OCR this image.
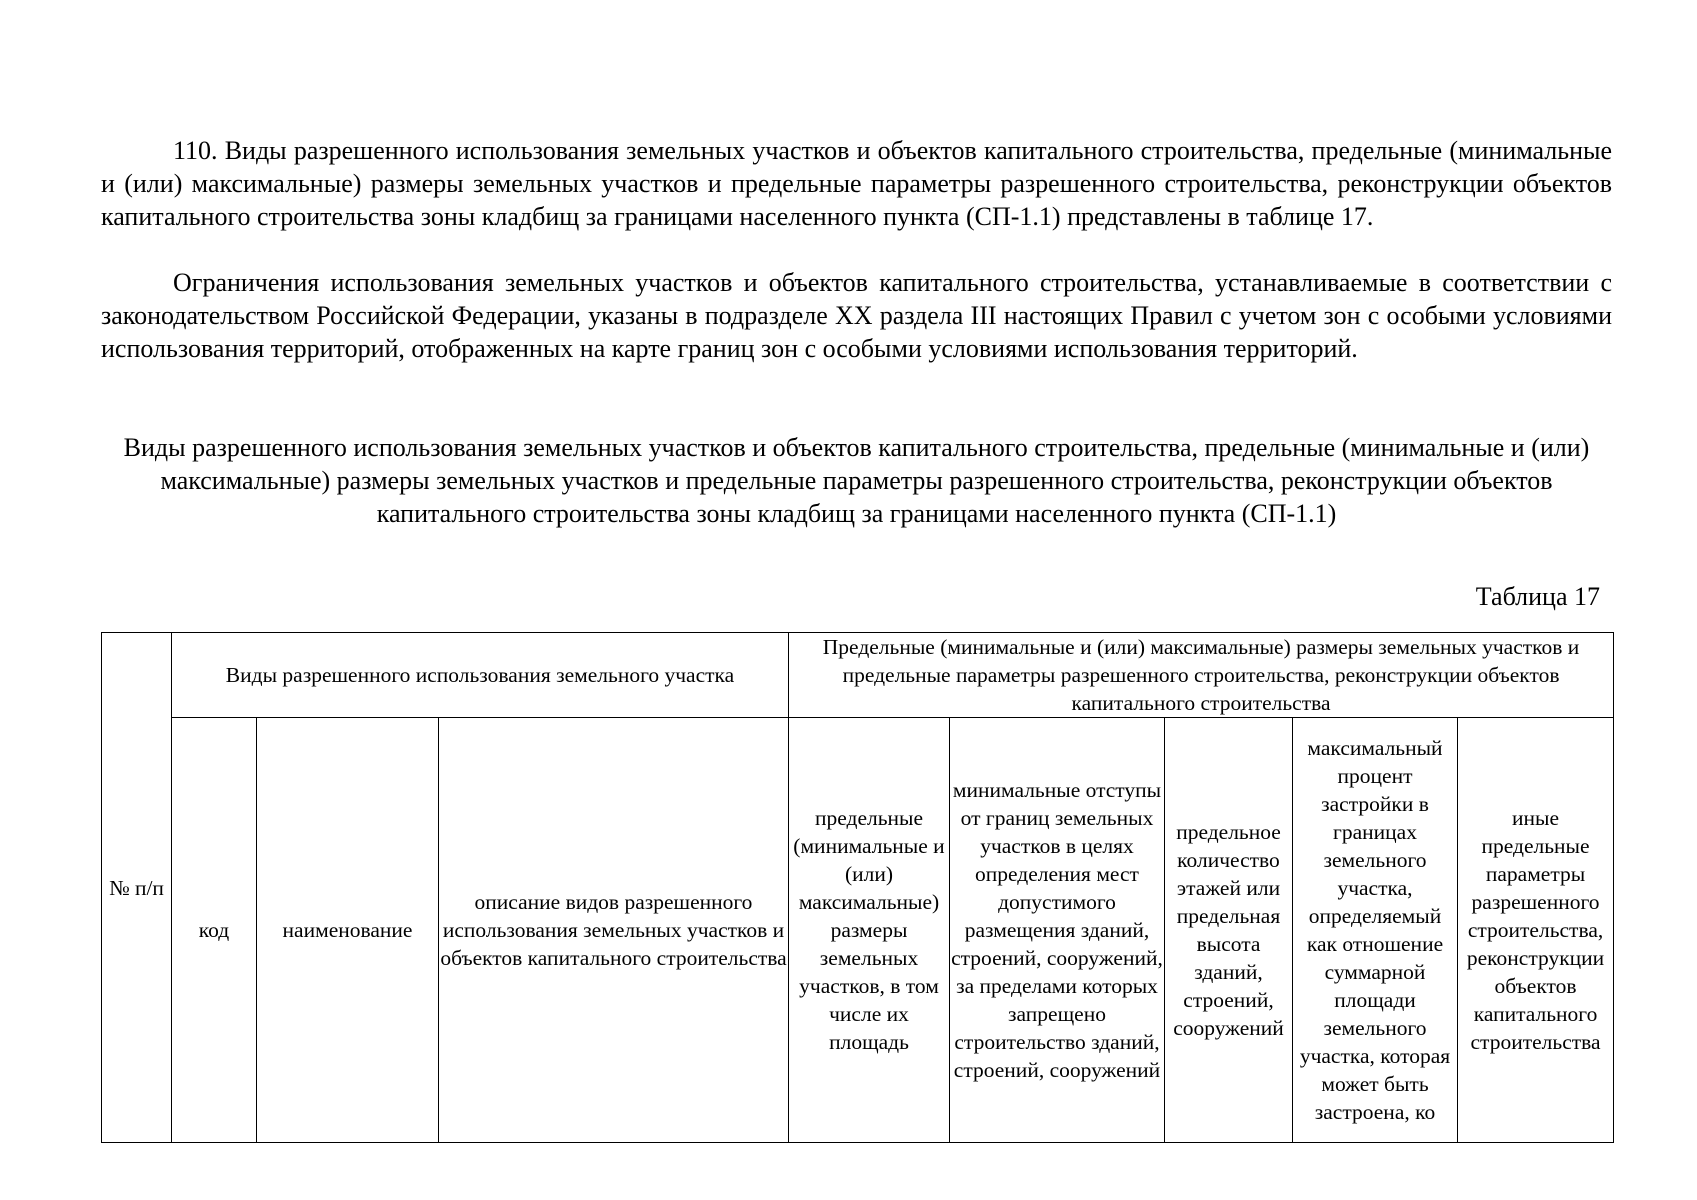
110. Виды разрешенного использования земельных участков и объектов капитального строительства, предельные (минимальные и (или) максимальные) размеры земельных участков и предельные параметры разрешенного строительства, реконструкции объектов капитального строительства зоны кладбищ за границами населенного пункта (СП-1.1) представлены в таблице 17.

Ограничения использования земельных участков и объектов капитального строительства, устанавливаемые в соответствии с законодательством Российской Федерации, указаны в подразделе XX раздела III настоящих Правил с учетом зон с особыми условиями использования территорий, отображенных на карте границ зон с особыми условиями использования территорий.

Виды разрешенного использования земельных участков и объектов капитального строительства, предельные (минимальные и (или) максимальные) размеры земельных участков и предельные параметры разрешенного строительства, реконструкции объектов капитального строительства зоны кладбищ за границами населенного пункта (СП-1.1)
Таблица 17
№ п/п	Виды разрешенного использования земельного участка			Предельные (минимальные и (или) максимальные) размеры земельных участков и предельные параметры разрешенного строительства, реконструкции объектов капитального строительства				
	код	наименование	описание видов разрешенного использования земельных участков и объектов капитального строительства	предельные (минимальные и (или) максимальные) размеры земельных участков, в том числе их площадь	минимальные отступы от границ земельных участков в целях определения мест допустимого размещения зданий, строений, сооружений, за пределами которых запрещено строительство зданий, строений, сооружений	предельное количество этажей или предельная высота зданий, строений, сооружений	максимальный процент застройки в границах земельного участка, определяемый как отношение суммарной площади земельного участка, которая может быть застроена, ко	иные предельные параметры разрешенного строительства, реконструкции объектов капитального строительства
